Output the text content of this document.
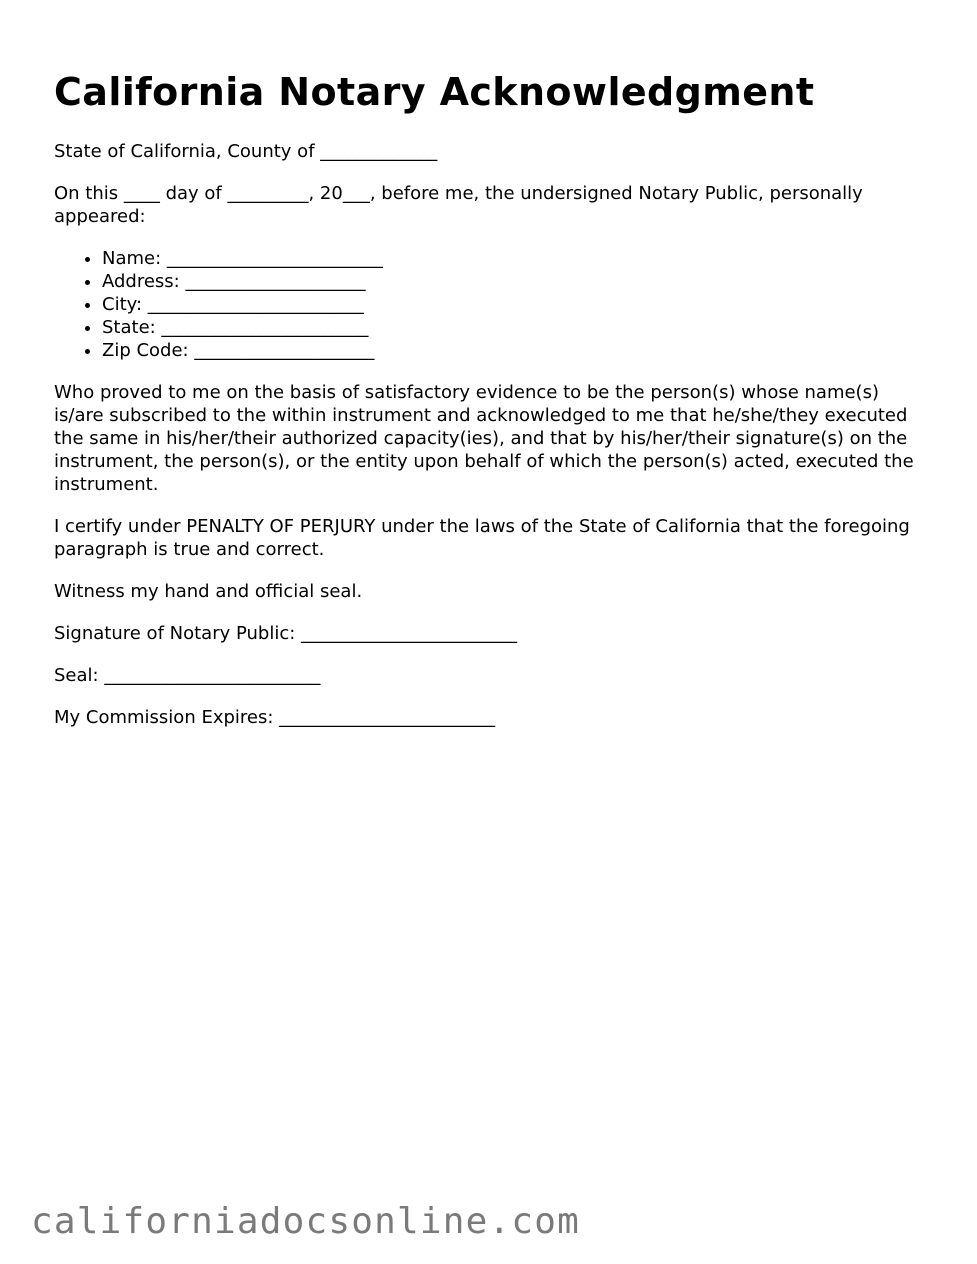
California Notary Acknowledgment

State of California, County of _____________

On this ____ day of _________, 20___, before me, the undersigned Notary Public, personally appeared:

• Name: ________________________
• Address: ____________________
• City: ________________________
• State: _______________________
• Zip Code: ____________________

Who proved to me on the basis of satisfactory evidence to be the person(s) whose name(s) is/are subscribed to the within instrument and acknowledged to me that he/she/they executed the same in his/her/their authorized capacity(ies), and that by his/her/their signature(s) on the instrument, the person(s), or the entity upon behalf of which the person(s) acted, executed the instrument.

I certify under PENALTY OF PERJURY under the laws of the State of California that the foregoing paragraph is true and correct.

Witness my hand and official seal.

Signature of Notary Public: ________________________

Seal: ________________________

My Commission Expires: ________________________

californiadocsonline.com
